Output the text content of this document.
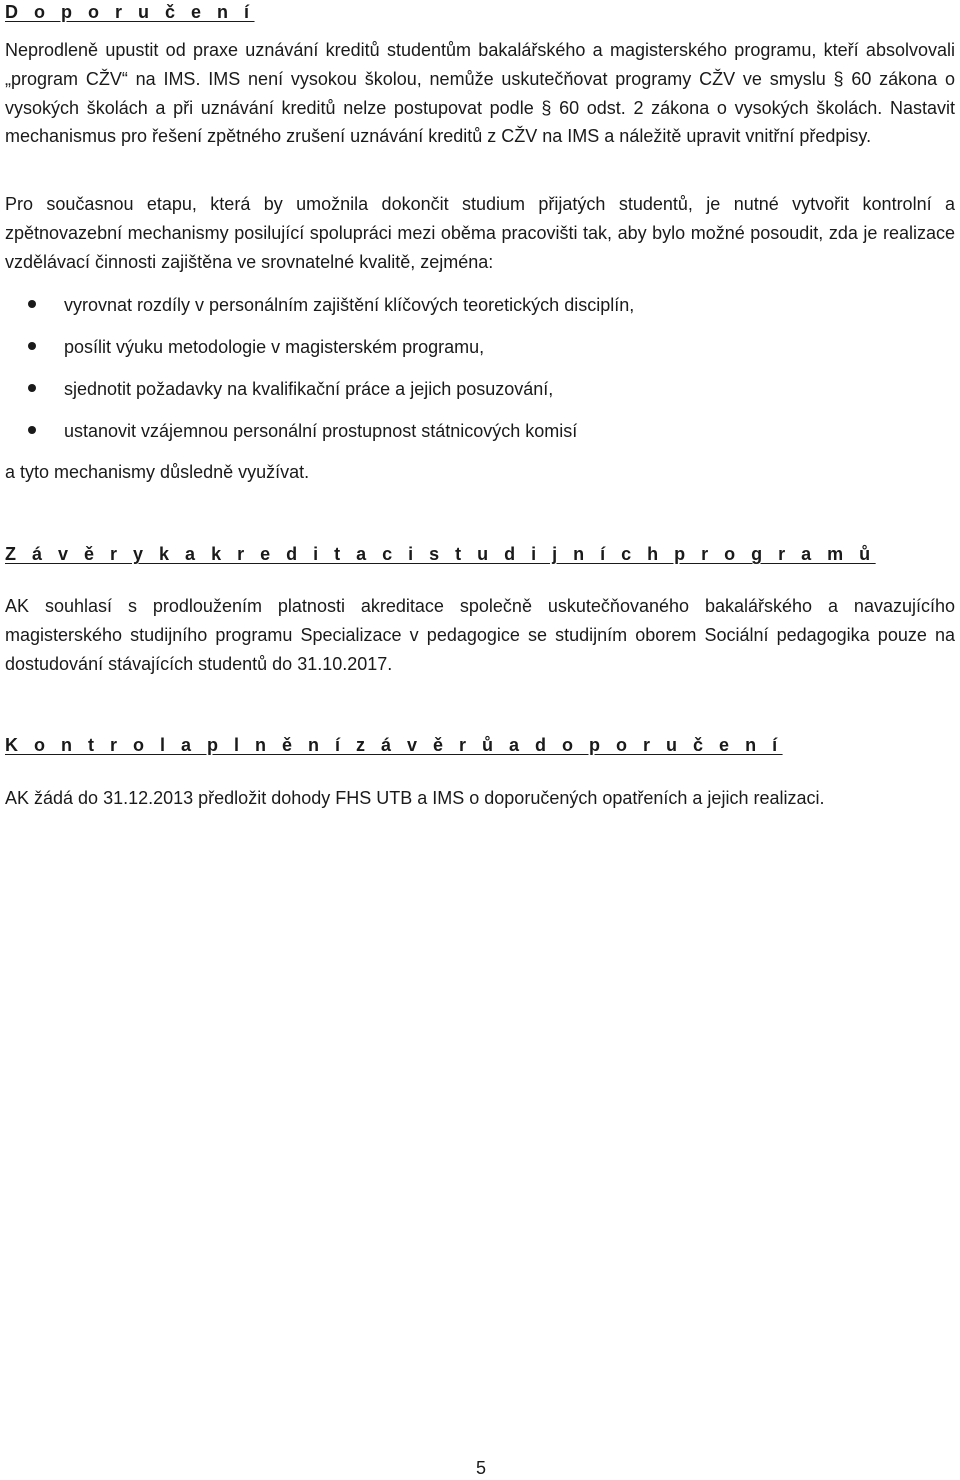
D o p o r u č e n í

Neprodleně upustit od praxe uznávání kreditů studentům bakalářského a magisterského programu, kteří absolvovali „program CŽV“ na IMS. IMS není vysokou školou, nemůže uskutečňovat programy CŽV ve smyslu § 60 zákona o vysokých školách a při uznávání kreditů nelze postupovat podle § 60 odst. 2 zákona o vysokých školách. Nastavit mechanismus pro řešení zpětného zrušení uznávání kreditů z CŽV na IMS a náležitě upravit vnitřní předpisy.

Pro současnou etapu, která by umožnila dokončit studium přijatých studentů, je nutné vytvořit kontrolní a zpětnovazební mechanismy posilující spolupráci mezi oběma pracovišti tak, aby bylo možné posoudit, zda je realizace vzdělávací činnosti zajištěna ve srovnatelné kvalitě, zejména:

vyrovnat rozdíly v personálním zajištění klíčových teoretických disciplín,
posílit výuku metodologie v magisterském programu,
sjednotit požadavky na kvalifikační práce a jejich posuzování,
ustanovit vzájemnou personální prostupnost státnicových komisí

a tyto mechanismy důsledně využívat.

Z á v ě r y k a k r e d i t a c i s t u d i j n í c h p r o g r a m ů

AK souhlasí s prodloužením platnosti akreditace společně uskutečňovaného bakalářského a navazujícího magisterského studijního programu Specializace v pedagogice se studijním oborem Sociální pedagogika pouze na dostudování stávajících studentů do 31.10.2017.

K o n t r o l a p l n ě n í z á v ě r ů a d o p o r u č e n í

AK žádá do 31.12.2013 předložit dohody FHS UTB a IMS o doporučených opatřeních a jejich realizaci.

5
